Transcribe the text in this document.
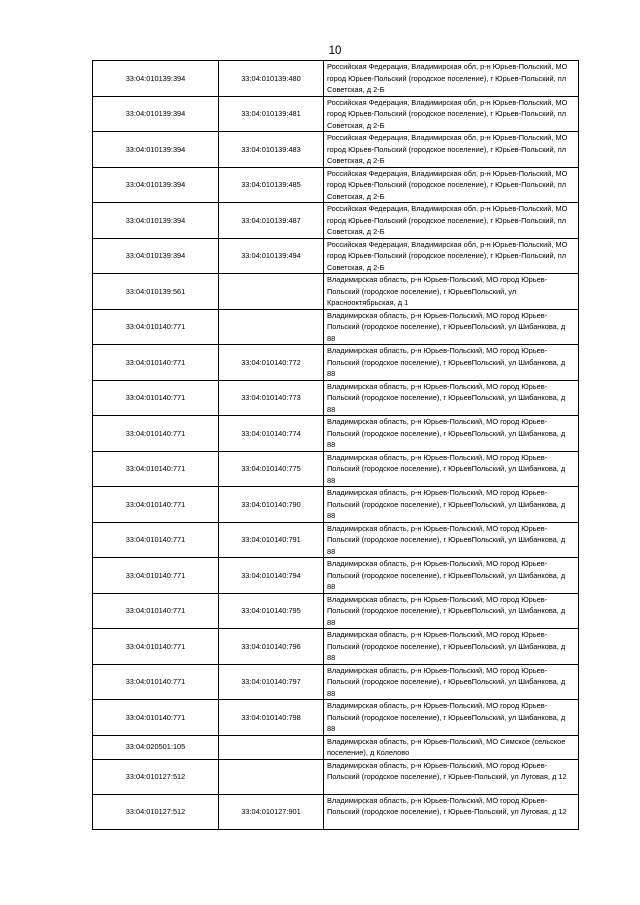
10
33:04:010139:394	33:04:010139:480	Российская Федерация, Владимирская обл, р-н Юрьев-Польский, МО город Юрьев-Польский (городское поселение), г Юрьев-Польский, пл Советская, д 2-Б
33:04:010139:394	33:04:010139:481	Российская Федерация, Владимирская обл, р-н Юрьев-Польский, МО город Юрьев-Польский (городское поселение), г Юрьев-Польский, пл Советская, д 2-Б
33:04:010139:394	33:04:010139:483	Российская Федерация, Владимирская обл, р-н Юрьев-Польский, МО город Юрьев-Польский (городское поселение), г Юрьев-Польский, пл Советская, д 2-Б
33:04:010139:394	33:04:010139:485	Российская Федерация, Владимирская обл, р-н Юрьев-Польский, МО город Юрьев-Польский (городское поселение), г Юрьев-Польский, пл Советская, д 2-Б
33:04:010139:394	33:04:010139:487	Российская Федерация, Владимирская обл, р-н Юрьев-Польский, МО город Юрьев-Польский (городское поселение), г Юрьев-Польский, пл Советская, д 2-Б
33:04:010139:394	33:04:010139:494	Российская Федерация, Владимирская обл, р-н Юрьев-Польский, МО город Юрьев-Польский (городское поселение), г Юрьев-Польский, пл Советская, д 2-Б
33:04:010139:561		Владимирская область, р-н Юрьев-Польский, МО город Юрьев-Польский (городское поселение), г ЮрьевПольский, ул Красноoктябрьская, д 1
33:04:010140:771		Владимирская область, р-н Юрьев-Польский, МО город Юрьев-Польский (городское поселение), г ЮрьевПольский, ул Шибанкова, д 88
33:04:010140:771	33:04:010140:772	Владимирская область, р-н Юрьев-Польский, МО город Юрьев-Польский (городское поселение), г ЮрьевПольский, ул Шибанкова, д 88
33:04:010140:771	33:04:010140:773	Владимирская область, р-н Юрьев-Польский, МО город Юрьев-Польский (городское поселение), г ЮрьевПольский, ул Шибанкова, д 88
33:04:010140:771	33:04:010140:774	Владимирская область, р-н Юрьев-Польский, МО город Юрьев-Польский (городское поселение), г ЮрьевПольский, ул Шибанкова, д 88
33:04:010140:771	33:04:010140:775	Владимирская область, р-н Юрьев-Польский, МО город Юрьев-Польский (городское поселение), г ЮрьевПольский, ул Шибанкова, д 88
33:04:010140:771	33:04:010140:790	Владимирская область, р-н Юрьев-Польский, МО город Юрьев-Польский (городское поселение), г ЮрьевПольский, ул Шибанкова, д 88
33:04:010140:771	33:04:010140:791	Владимирская область, р-н Юрьев-Польский, МО город Юрьев-Польский (городское поселение), г ЮрьевПольский, ул Шибанкова, д 88
33:04:010140:771	33:04:010140:794	Владимирская область, р-н Юрьев-Польский, МО город Юрьев-Польский (городское поселение), г ЮрьевПольский, ул Шибанкова, д 88
33:04:010140:771	33:04:010140:795	Владимирская область, р-н Юрьев-Польский, МО город Юрьев-Польский (городское поселение), г ЮрьевПольский, ул Шибанкова, д 88
33:04:010140:771	33:04:010140:796	Владимирская область, р-н Юрьев-Польский, МО город Юрьев-Польский (городское поселение), г ЮрьевПольский, ул Шибанкова, д 88
33:04:010140:771	33:04:010140:797	Владимирская область, р-н Юрьев-Польский, МО город Юрьев-Польский (городское поселение), г ЮрьевПольский, ул Шибанкова, д 88
33:04:010140:771	33:04:010140:798	Владимирская область, р-н Юрьев-Польский, МО город Юрьев-Польский (городское поселение), г ЮрьевПольский, ул Шибанкова, д 88
33:04:020501:105		Владимирская область, р-н Юрьев-Польский, МО Симское (сельское поселение), д Колелово
33:04:010127:512		Владимирская область, р-н Юрьев-Польский, МО город Юрьев-Польский (городское поселение), г Юрьев-Польский, ул Луговая, д 12
33:04:010127:512	33:04:010127:901	Владимирская область, р-н Юрьев-Польский, МО город Юрьев-Польский (городское поселение), г Юрьев-Польский, ул Луговая, д 12
